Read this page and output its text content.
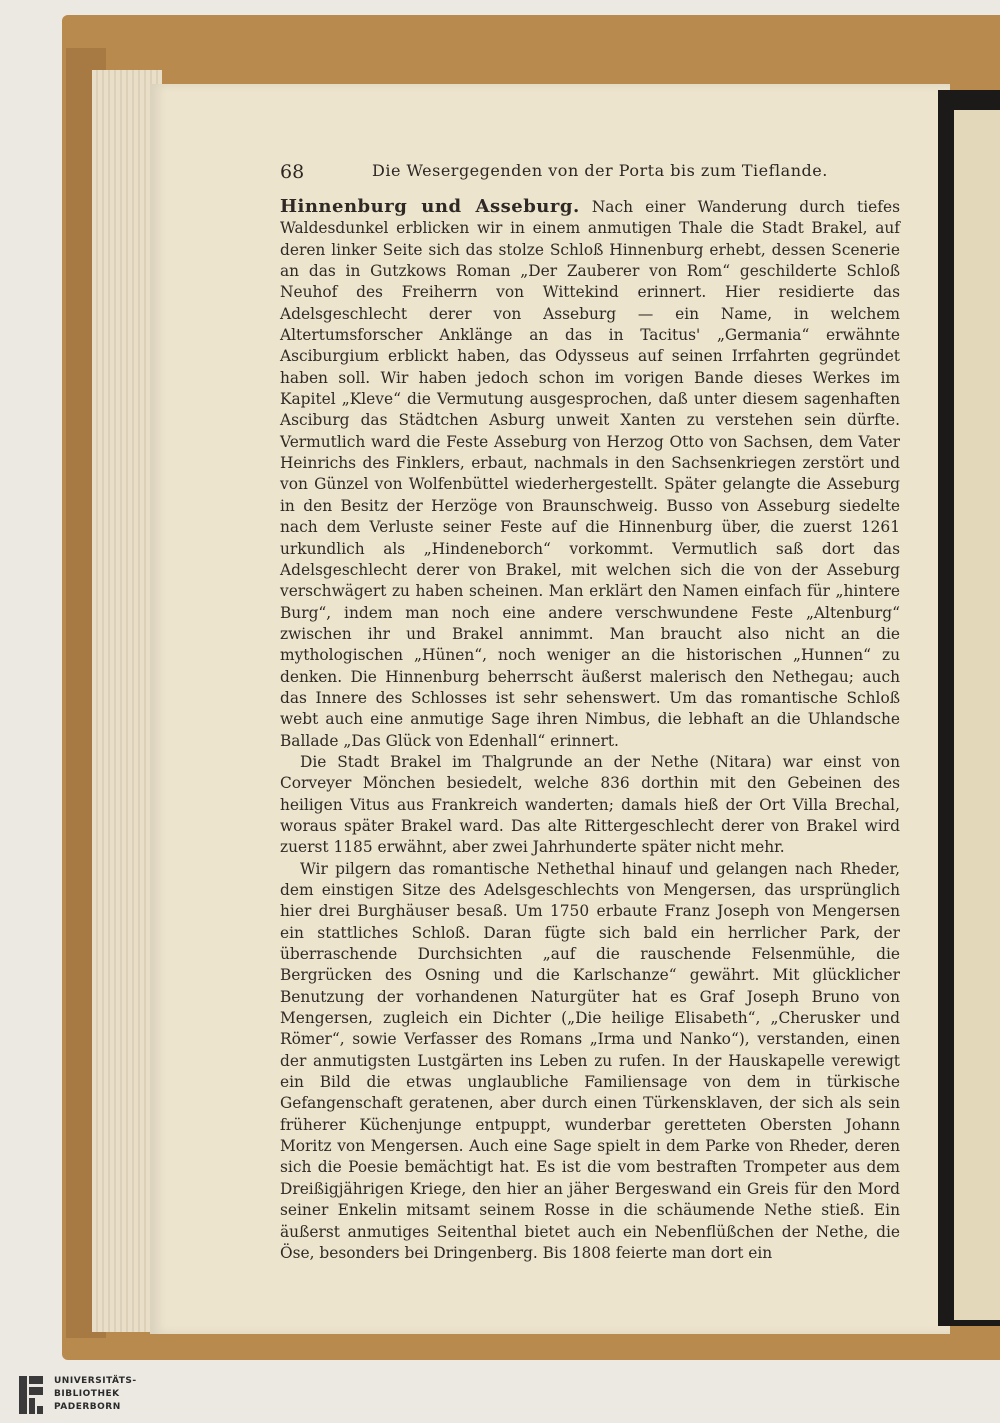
68	Die Wesergegenden von der Porta bis zum Tieflande.

Hinnenburg und Asseburg. Nach einer Wanderung durch tiefes Waldesdunkel erblicken wir in einem anmutigen Thale die Stadt Brakel, auf deren linker Seite sich das stolze Schloß Hinnenburg erhebt, dessen Scenerie an das in Gutzkows Roman „Der Zauberer von Rom“ geschilderte Schloß Neuhof des Freiherrn von Wittekind erinnert. Hier residierte das Adelsgeschlecht derer von Asseburg — ein Name, in welchem Altertumsforscher Anklänge an das in Tacitus' „Germania“ erwähnte Asciburgium erblickt haben, das Odysseus auf seinen Irrfahrten gegründet haben soll. Wir haben jedoch schon im vorigen Bande dieses Werkes im Kapitel „Kleve“ die Vermutung ausgesprochen, daß unter diesem sagenhaften Asciburg das Städtchen Asburg unweit Xanten zu verstehen sein dürfte. Vermutlich ward die Feste Asseburg von Herzog Otto von Sachsen, dem Vater Heinrichs des Finklers, erbaut, nachmals in den Sachsenkriegen zerstört und von Günzel von Wolfenbüttel wiederhergestellt. Später gelangte die Asseburg in den Besitz der Herzöge von Braunschweig. Busso von Asseburg siedelte nach dem Verluste seiner Feste auf die Hinnenburg über, die zuerst 1261 urkundlich als „Hindeneborch“ vorkommt. Vermutlich saß dort das Adelsgeschlecht derer von Brakel, mit welchen sich die von der Asseburg verschwägert zu haben scheinen. Man erklärt den Namen einfach für „hintere Burg“, indem man noch eine andere verschwundene Feste „Altenburg“ zwischen ihr und Brakel annimmt. Man braucht also nicht an die mythologischen „Hünen“, noch weniger an die historischen „Hunnen“ zu denken. Die Hinnenburg beherrscht äußerst malerisch den Nethegau; auch das Innere des Schlosses ist sehr sehenswert. Um das romantische Schloß webt auch eine anmutige Sage ihren Nimbus, die lebhaft an die Uhlandsche Ballade „Das Glück von Edenhall“ erinnert.

Die Stadt Brakel im Thalgrunde an der Nethe (Nitara) war einst von Corveyer Mönchen besiedelt, welche 836 dorthin mit den Gebeinen des heiligen Vitus aus Frankreich wanderten; damals hieß der Ort Villa Brechal, woraus später Brakel ward. Das alte Rittergeschlecht derer von Brakel wird zuerst 1185 erwähnt, aber zwei Jahrhunderte später nicht mehr.

Wir pilgern das romantische Nethethal hinauf und gelangen nach Rheder, dem einstigen Sitze des Adelsgeschlechts von Mengersen, das ursprünglich hier drei Burghäuser besaß. Um 1750 erbaute Franz Joseph von Mengersen ein stattliches Schloß. Daran fügte sich bald ein herrlicher Park, der überraschende Durchsichten „auf die rauschende Felsenmühle, die Bergrücken des Osning und die Karlschanze“ gewährt. Mit glücklicher Benutzung der vorhandenen Naturgüter hat es Graf Joseph Bruno von Mengersen, zugleich ein Dichter („Die heilige Elisabeth“, „Cherusker und Römer“, sowie Verfasser des Romans „Irma und Nanko“), verstanden, einen der anmutigsten Lustgärten ins Leben zu rufen. In der Hauskapelle verewigt ein Bild die etwas unglaubliche Familiensage von dem in türkische Gefangenschaft geratenen, aber durch einen Türkensklaven, der sich als sein früherer Küchenjunge entpuppt, wunderbar geretteten Obersten Johann Moritz von Mengersen. Auch eine Sage spielt in dem Parke von Rheder, deren sich die Poesie bemächtigt hat. Es ist die vom bestraften Trompeter aus dem Dreißigjährigen Kriege, den hier an jäher Bergeswand ein Greis für den Mord seiner Enkelin mitsamt seinem Rosse in die schäumende Nethe stieß. Ein äußerst anmutiges Seitenthal bietet auch ein Nebenflüßchen der Nethe, die Öse, besonders bei Dringenberg. Bis 1808 feierte man dort ein

UNIVERSITÄTS-
BIBLIOTHEK
PADERBORN
